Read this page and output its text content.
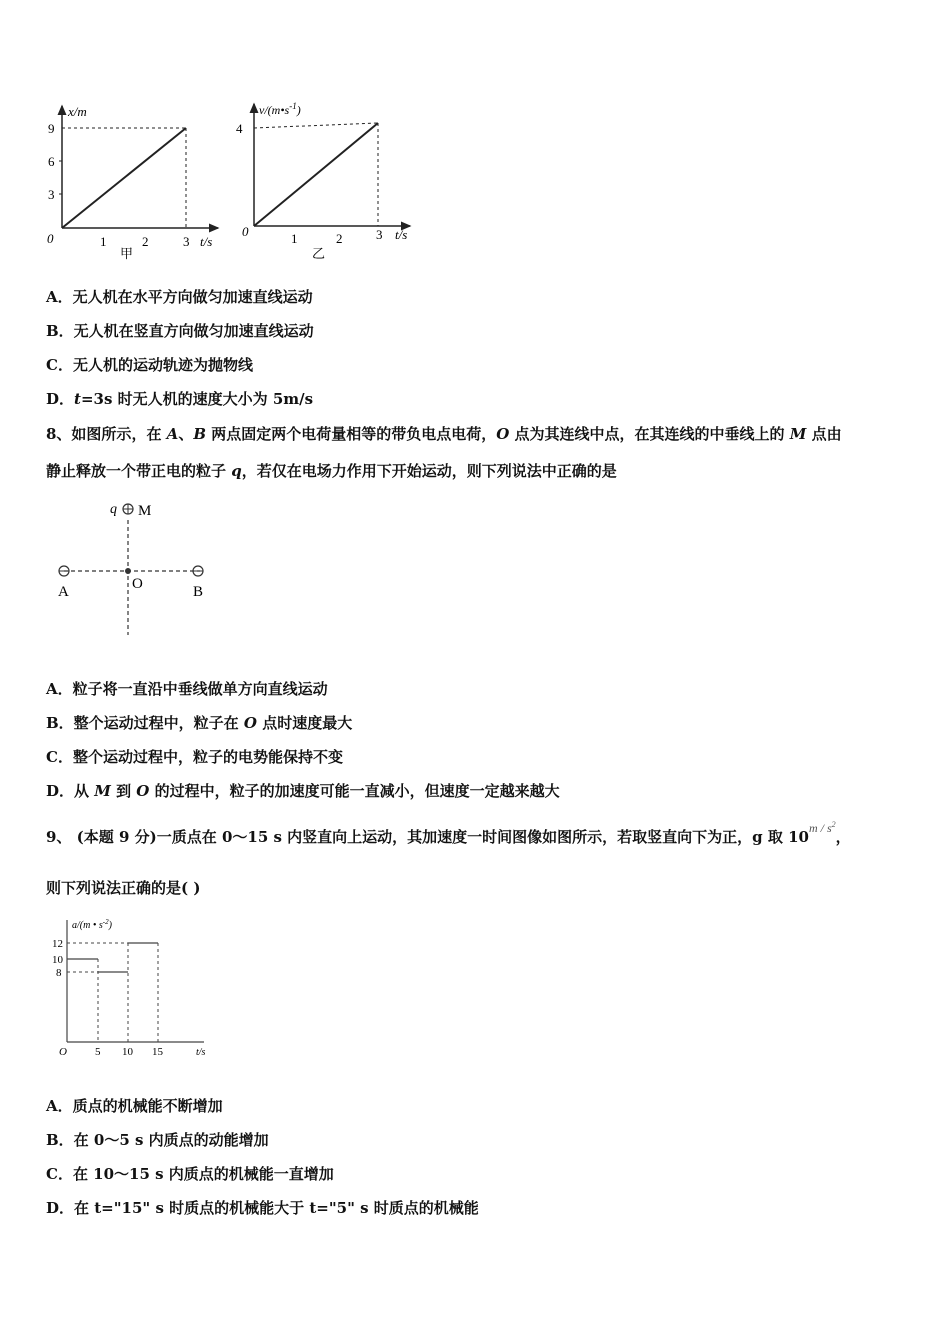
x/m
9
6
3
0	1	2	3 t/s
甲
$v/(m•s^{-1})$
4
0	1	2	3 t/s
乙
A．无人机在水平方向做匀加速直线运动
B．无人机在竖直方向做匀加速直线运动
C．无人机的运动轨迹为抛物线
D．t=3s 时无人机的速度大小为 5m/s
8、如图所示，在 A、B 两点固定两个电荷量相等的带负电点电荷，O 点为其连线中点，在其连线的中垂线上的 M 点由
静止释放一个带正电的粒子 q，若仅在电场力作用下开始运动，则下列说法中正确的是
q M
A	O	B
A．粒子将一直沿中垂线做单方向直线运动
B．整个运动过程中，粒子在 O 点时速度最大
C．整个运动过程中，粒子的电势能保持不变
D．从 M 到 O 的过程中，粒子的加速度可能一直减小，但速度一定越来越大
9、 (本题 9 分)一质点在 0～15 s 内竖直向上运动，其加速度一时间图像如图所示，若取竖直向下为正，g 取 $10^{m / s^2}$，
则下列说法正确的是( )
a/(m • $s^{-2}$)
12
10
8
O	5 10 15	t/s
A．质点的机械能不断增加
B．在 0～5 s 内质点的动能增加
C．在 10～15 s 内质点的机械能一直增加
D．在 t="15" s 时质点的机械能大于 t="5" s 时质点的机械能
